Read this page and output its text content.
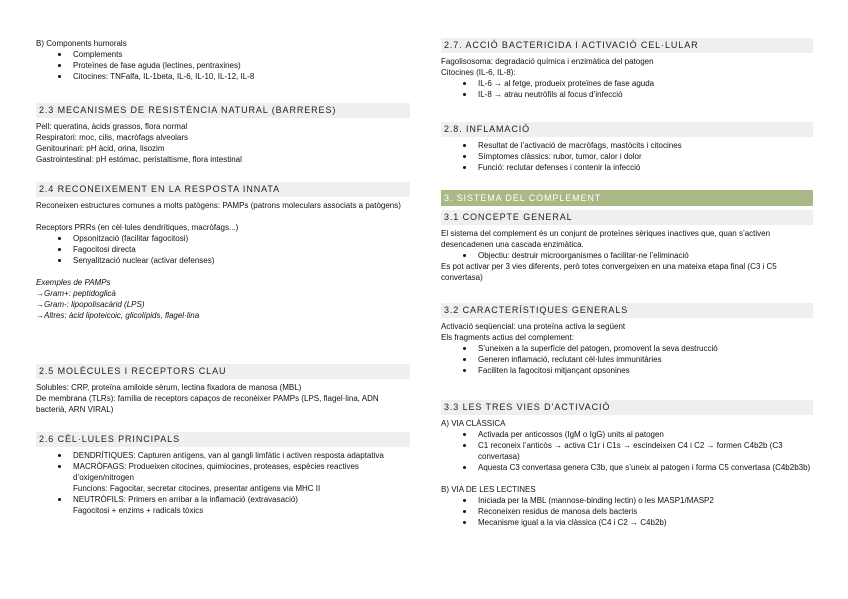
B) Components humorals

Complements
Proteïnes de fase aguda (lectines, pentraxines)
Citocines: TNFalfa, IL-1beta, IL-6, IL-10, IL-12, IL-8
2.3 MECANISMES DE RESISTÈNCIA NATURAL (BARRERES)

Pell: queratina, àcids grassos, flora normal

Respiratori: moc, cilis, macròfags alveolars

Genitourinari: pH àcid, orina, lisozim

Gastrointestinal: pH estómac, peristaltisme, flora intestinal

2.4 RECONEIXEMENT EN LA RESPOSTA INNATA

Reconeixen estructures comunes a molts patògens: PAMPs (patrons moleculars associats a patògens)

Receptors PRRs (en cèl·lules dendrítiques, macròfags...)

Opsonització (facilitar fagocitosi)
Fagocitosi directa
Senyalització nuclear (activar defenses)

Exemples de PAMPs

→Gram+: peptidoglicà

→Gram-: lipopolisacàrid (LPS)

→Altres: àcid lipoteicoic, glicolípids, flagel·lina

2.5 MOLÈCULES I RECEPTORS CLAU

Solubles: CRP, proteïna amiloide sèrum, lectina fixadora de manosa (MBL)

De membrana (TLRs): família de receptors capaços de reconèixer PAMPs (LPS, flagel·lina, ADN bacterià, ARN VIRAL)

2.6 CÈL·LULES PRINCIPALS
DENDRÍTIQUES: Capturen antígens, van al gangli limfàtic i activen resposta adaptativa
MACRÒFAGS: Produeixen citocines, quimiocines, proteases, espècies reactives d’oxigen/nitrogen
Funcions: Fagocitar, secretar citocines, presentar antígens via MHC II
NEUTRÒFILS: Primers en arribar a la inflamació (extravasació)
Fagocitosi + enzims + radicals tòxics
2.7. ACCIÓ BACTERICIDA I ACTIVACIÓ CEL·LULAR

Fagolisosoma: degradació química i enzimàtica del patogen

Citocines (IL-6, IL-8):

IL-6 → al fetge, produeix proteïnes de fase aguda
IL-8 → atrau neutròfils al focus d’infecció
2.8. INFLAMACIÓ
Resultat de l’activació de macròfags, mastòcits i citocines
Símptomes clàssics: rubor, tumor, calor i dolor
Funció: reclutar defenses i contenir la infecció
3. SISTEMA DEL COMPLEMENT
3.1 CONCEPTE GENERAL

El sistema del complement és un conjunt de proteïnes sèriques inactives que, quan s’activen desencadenen una cascada enzimàtica.

Objectiu: destruir microorganismes o facilitar-ne l’eliminació

Es pot activar per 3 vies diferents, però totes convergeixen en una mateixa etapa final (C3 i C5 convertasa)

3.2 CARACTERÍSTIQUES GENERALS

Activació seqüencial: una proteïna activa la següent

Els fragments actius del complement:

S’uneixen a la superfície del patogen, promovent la seva destrucció
Generen inflamació, reclutant cèl·lules immunitàries
Faciliten la fagocitosi mitjançant opsonines
3.3 LES TRES VIES D’ACTIVACIÓ

A) VIA CLÀSSICA

Activada per anticossos (IgM o IgG) units al patogen
C1 reconeix l’anticòs → activa C1r i C1s → escindeixen C4 i C2 → formen C4b2b (C3 convertasa)
Aquesta C3 convertasa genera C3b, que s’uneix al patogen i forma C5 convertasa (C4b2b3b)

B) VIA DE LES LECTINES

Iniciada per la MBL (mannose-binding lectin) o les MASP1/MASP2
Reconeixen residus de manosa dels bacteris
Mecanisme igual a la via clàssica (C4 i C2 → C4b2b)
